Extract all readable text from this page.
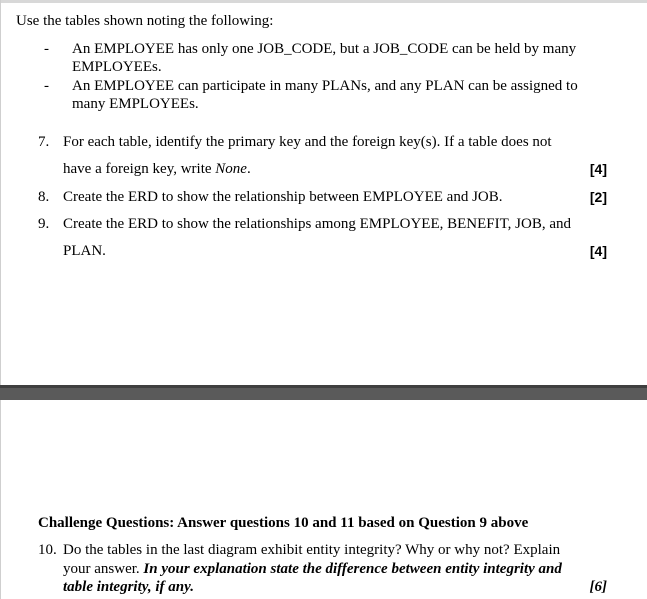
Use the tables shown noting the following:
- An EMPLOYEE has only one JOB_CODE, but a JOB_CODE can be held by many
EMPLOYEEs.
- An EMPLOYEE can participate in many PLANs, and any PLAN can be assigned to
many EMPLOYEEs.
7. For each table, identify the primary key and the foreign key(s). If a table does not
have a foreign key, write None.	[4]
8. Create the ERD to show the relationship between EMPLOYEE and JOB.	[2]
9. Create the ERD to show the relationships among EMPLOYEE, BENEFIT, JOB, and
PLAN.	[4]
Challenge Questions: Answer questions 10 and 11 based on Question 9 above
10. Do the tables in the last diagram exhibit entity integrity? Why or why not? Explain
your answer. In your explanation state the difference between entity integrity and
table integrity, if any.	[6]
